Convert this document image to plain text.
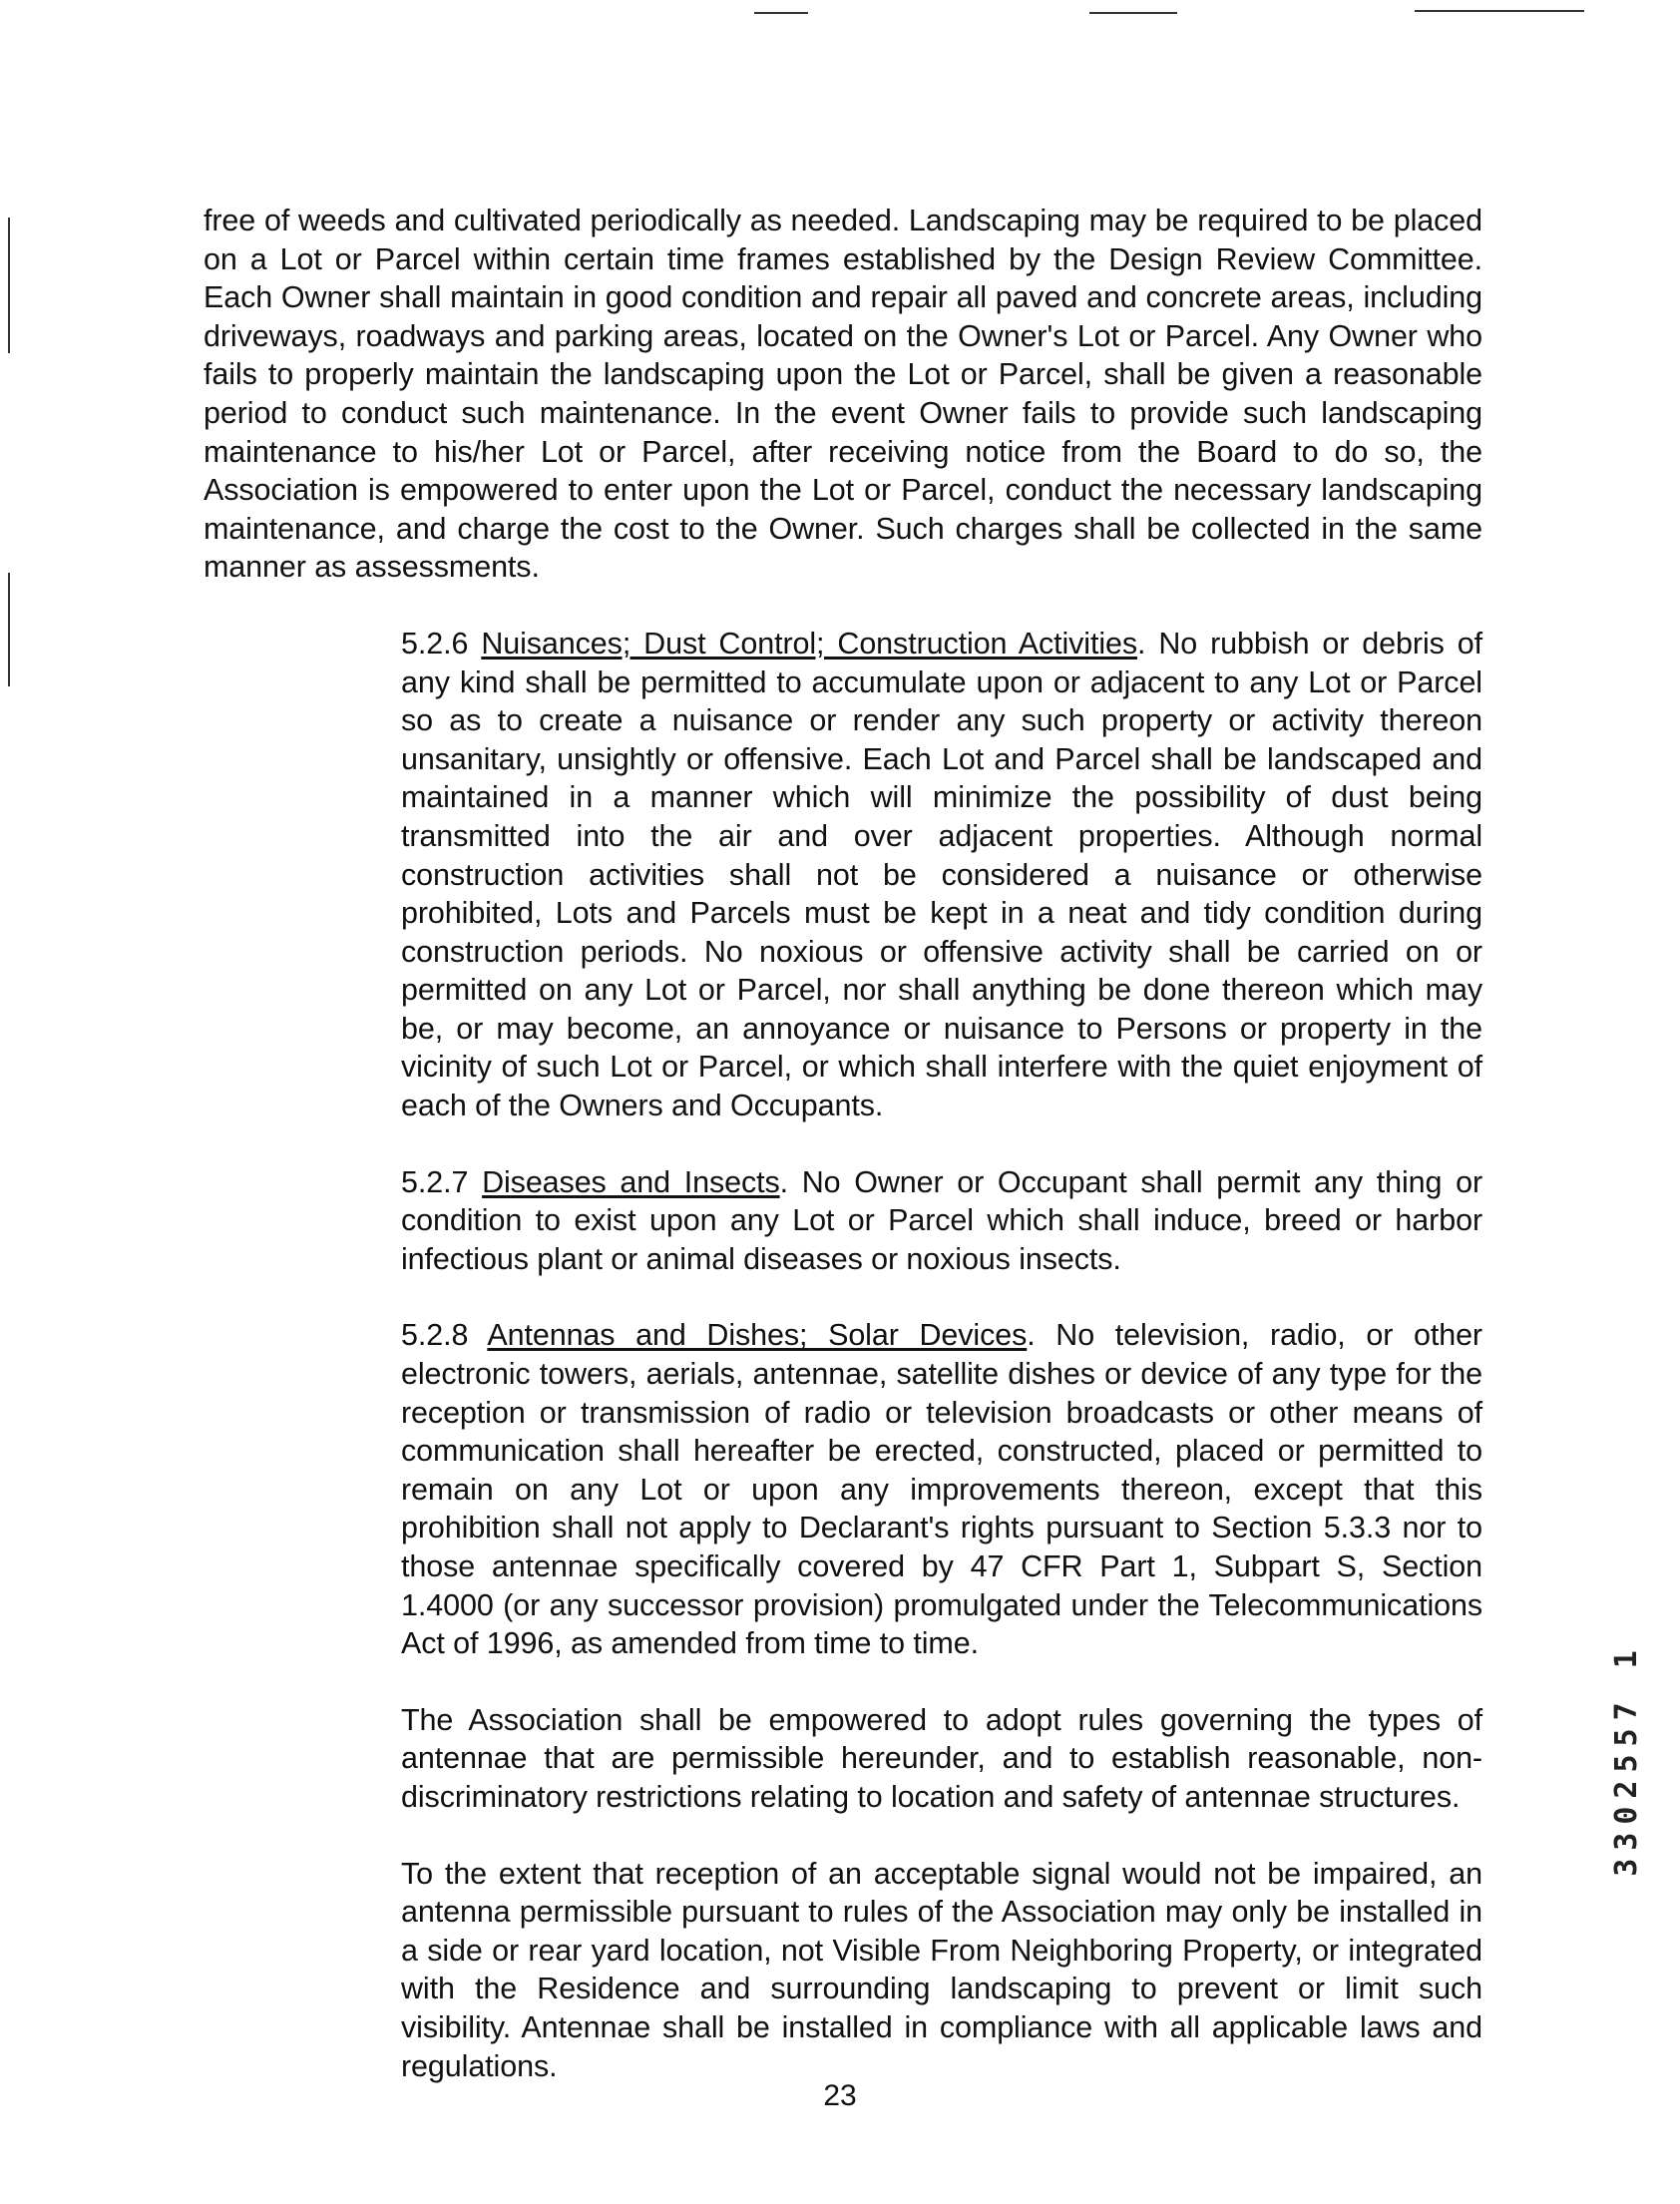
free of weeds and cultivated periodically as needed. Landscaping may be required to be placed on a Lot or Parcel within certain time frames established by the Design Review Committee. Each Owner shall maintain in good condition and repair all paved and concrete areas, including driveways, roadways and parking areas, located on the Owner's Lot or Parcel. Any Owner who fails to properly maintain the landscaping upon the Lot or Parcel, shall be given a reasonable period to conduct such maintenance. In the event Owner fails to provide such landscaping maintenance to his/her Lot or Parcel, after receiving notice from the Board to do so, the Association is empowered to enter upon the Lot or Parcel, conduct the necessary landscaping maintenance, and charge the cost to the Owner. Such charges shall be collected in the same manner as assessments.

5.2.6 Nuisances; Dust Control; Construction Activities. No rubbish or debris of any kind shall be permitted to accumulate upon or adjacent to any Lot or Parcel so as to create a nuisance or render any such property or activity thereon unsanitary, unsightly or offensive. Each Lot and Parcel shall be landscaped and maintained in a manner which will minimize the possibility of dust being transmitted into the air and over adjacent properties. Although normal construction activities shall not be considered a nuisance or otherwise prohibited, Lots and Parcels must be kept in a neat and tidy condition during construction periods. No noxious or offensive activity shall be carried on or permitted on any Lot or Parcel, nor shall anything be done thereon which may be, or may become, an annoyance or nuisance to Persons or property in the vicinity of such Lot or Parcel, or which shall interfere with the quiet enjoyment of each of the Owners and Occupants.

5.2.7 Diseases and Insects. No Owner or Occupant shall permit any thing or condition to exist upon any Lot or Parcel which shall induce, breed or harbor infectious plant or animal diseases or noxious insects.

5.2.8 Antennas and Dishes; Solar Devices. No television, radio, or other electronic towers, aerials, antennae, satellite dishes or device of any type for the reception or transmission of radio or television broadcasts or other means of communication shall hereafter be erected, constructed, placed or permitted to remain on any Lot or upon any improvements thereon, except that this prohibition shall not apply to Declarant's rights pursuant to Section 5.3.3 nor to those antennae specifically covered by 47 CFR Part 1, Subpart S, Section 1.4000 (or any successor provision) promulgated under the Telecommunications Act of 1996, as amended from time to time.

The Association shall be empowered to adopt rules governing the types of antennae that are permissible hereunder, and to establish reasonable, non-discriminatory restrictions relating to location and safety of antennae structures.

To the extent that reception of an acceptable signal would not be impaired, an antenna permissible pursuant to rules of the Association may only be installed in a side or rear yard location, not Visible From Neighboring Property, or integrated with the Residence and surrounding landscaping to prevent or limit such visibility. Antennae shall be installed in compliance with all applicable laws and regulations.

23
3302557 1
